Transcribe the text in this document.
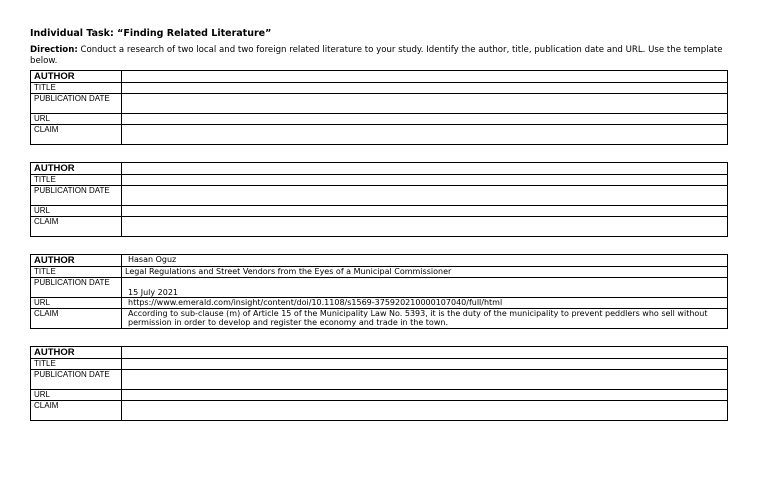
Individual Task: “Finding Related Literature”
Direction: Conduct a research of two local and two foreign related literature to your study. Identify the author, title, publication date and URL. Use the template below.
AUTHOR	
TITLE	
PUBLICATION DATE	
URL	
CLAIM	
AUTHOR	
TITLE	
PUBLICATION DATE	
URL	
CLAIM	
AUTHOR	Hasan Oguz
TITLE	Legal Regulations and Street Vendors from the Eyes of a Municipal Commissioner
PUBLICATION DATE	15 July 2021
URL	https://www.emerald.com/insight/content/doi/10.1108/s1569-375920210000107040/full/html
CLAIM	According to sub-clause (m) of Article 15 of the Municipality Law No. 5393, it is the duty of the municipality to prevent peddlers who sell without permission in order to develop and register the economy and trade in the town.
AUTHOR	
TITLE	
PUBLICATION DATE	
URL	
CLAIM	
